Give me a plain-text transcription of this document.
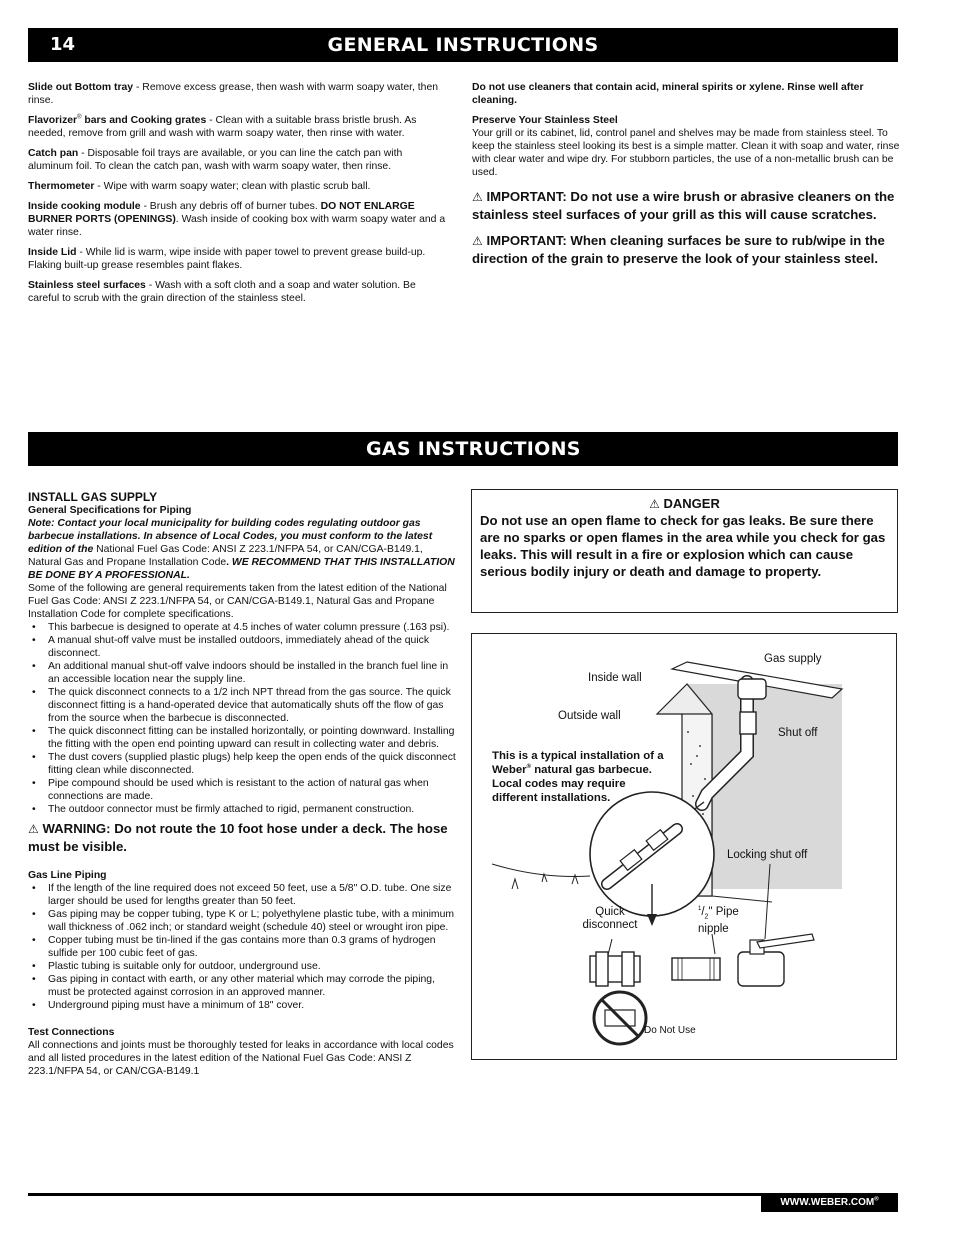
14	GENERAL INSTRUCTIONS

Slide out Bottom tray - Remove excess grease, then wash with warm soapy water, then rinse.

Flavorizer® bars and Cooking grates - Clean with a suitable brass bristle brush. As needed, remove from grill and wash with warm soapy water, then rinse with water.

Catch pan - Disposable foil trays are available, or you can line the catch pan with aluminum foil. To clean the catch pan, wash with warm soapy water, then rinse.

Thermometer - Wipe with warm soapy water; clean with plastic scrub ball.

Inside cooking module - Brush any debris off of burner tubes. DO NOT ENLARGE BURNER PORTS (OPENINGS). Wash inside of cooking box with warm soapy water and a water rinse.

Inside Lid - While lid is warm, wipe inside with paper towel to prevent grease build-up. Flaking built-up grease resembles paint flakes.

Stainless steel surfaces - Wash with a soft cloth and a soap and water solution. Be careful to scrub with the grain direction of the stainless steel.

Do not use cleaners that contain acid, mineral spirits or xylene. Rinse well after cleaning.

Preserve Your Stainless Steel

Your grill or its cabinet, lid, control panel and shelves may be made from stainless steel. To keep the stainless steel looking its best is a simple matter. Clean it with soap and water, rinse with clear water and wipe dry. For stubborn particles, the use of a non-metallic brush can be used.

⚠ IMPORTANT: Do not use a wire brush or abrasive cleaners on the stainless steel surfaces of your grill as this will cause scratches.
⚠ IMPORTANT: When cleaning surfaces be sure to rub/wipe in the direction of the grain to preserve the look of your stainless steel.
GAS INSTRUCTIONS
INSTALL GAS SUPPLY
General Specifications for Piping
Note: Contact your local municipality for building codes regulating outdoor gas barbecue installations. In absence of Local Codes, you must conform to the latest edition of the National Fuel Gas Code: ANSI Z 223.1/NFPA 54, or CAN/CGA-B149.1, Natural Gas and Propane Installation Code. WE RECOMMEND THAT THIS INSTALLATION BE DONE BY A PROFESSIONAL.
Some of the following are general requirements taken from the latest edition of the National Fuel Gas Code: ANSI Z 223.1/NFPA 54, or CAN/CGA-B149.1, Natural Gas and Propane Installation Code for complete specifications.
• This barbecue is designed to operate at 4.5 inches of water column pressure (.163 psi).
• A manual shut-off valve must be installed outdoors, immediately ahead of the quick disconnect.
• An additional manual shut-off valve indoors should be installed in the branch fuel line in an accessible location near the supply line.
• The quick disconnect connects to a 1/2 inch NPT thread from the gas source. The quick disconnect fitting is a hand-operated device that automatically shuts off the flow of gas from the source when the barbecue is disconnected.
• The quick disconnect fitting can be installed horizontally, or pointing downward. Installing the fitting with the open end pointing upward can result in collecting water and debris.
• The dust covers (supplied plastic plugs) help keep the open ends of the quick disconnect fitting clean while disconnected.
• Pipe compound should be used which is resistant to the action of natural gas when connections are made.
• The outdoor connector must be firmly attached to rigid, permanent construction.
⚠ WARNING: Do not route the 10 foot hose under a deck. The hose must be visible.
Gas Line Piping
• If the length of the line required does not exceed 50 feet, use a 5/8" O.D. tube. One size larger should be used for lengths greater than 50 feet.
• Gas piping may be copper tubing, type K or L; polyethylene plastic tube, with a minimum wall thickness of .062 inch; or standard weight (schedule 40) steel or wrought iron pipe.
• Copper tubing must be tin-lined if the gas contains more than 0.3 grams of hydrogen sulfide per 100 cubic feet of gas.
• Plastic tubing is suitable only for outdoor, underground use.
• Gas piping in contact with earth, or any other material which may corrode the piping, must be protected against corrosion in an approved manner.
• Underground piping must have a minimum of 18" cover.
Test Connections
All connections and joints must be thoroughly tested for leaks in accordance with local codes and all listed procedures in the latest edition of the National Fuel Gas Code: ANSI Z 223.1/NFPA 54, or CAN/CGA-B149.1
⚠ DANGER
Do not use an open flame to check for gas leaks. Be sure there are no sparks or open flames in the area while you check for gas leaks. This will result in a fire or explosion which can cause serious bodily injury or death and damage to property.
Gas supply
Inside wall
Outside wall
Shut off
This is a typical installation of a Weber® natural gas barbecue. Local codes may require different installations.
Locking shut off
Quick disconnect
$^1/_2$" Pipe nipple
Do Not Use
WWW.WEBER.COM®
